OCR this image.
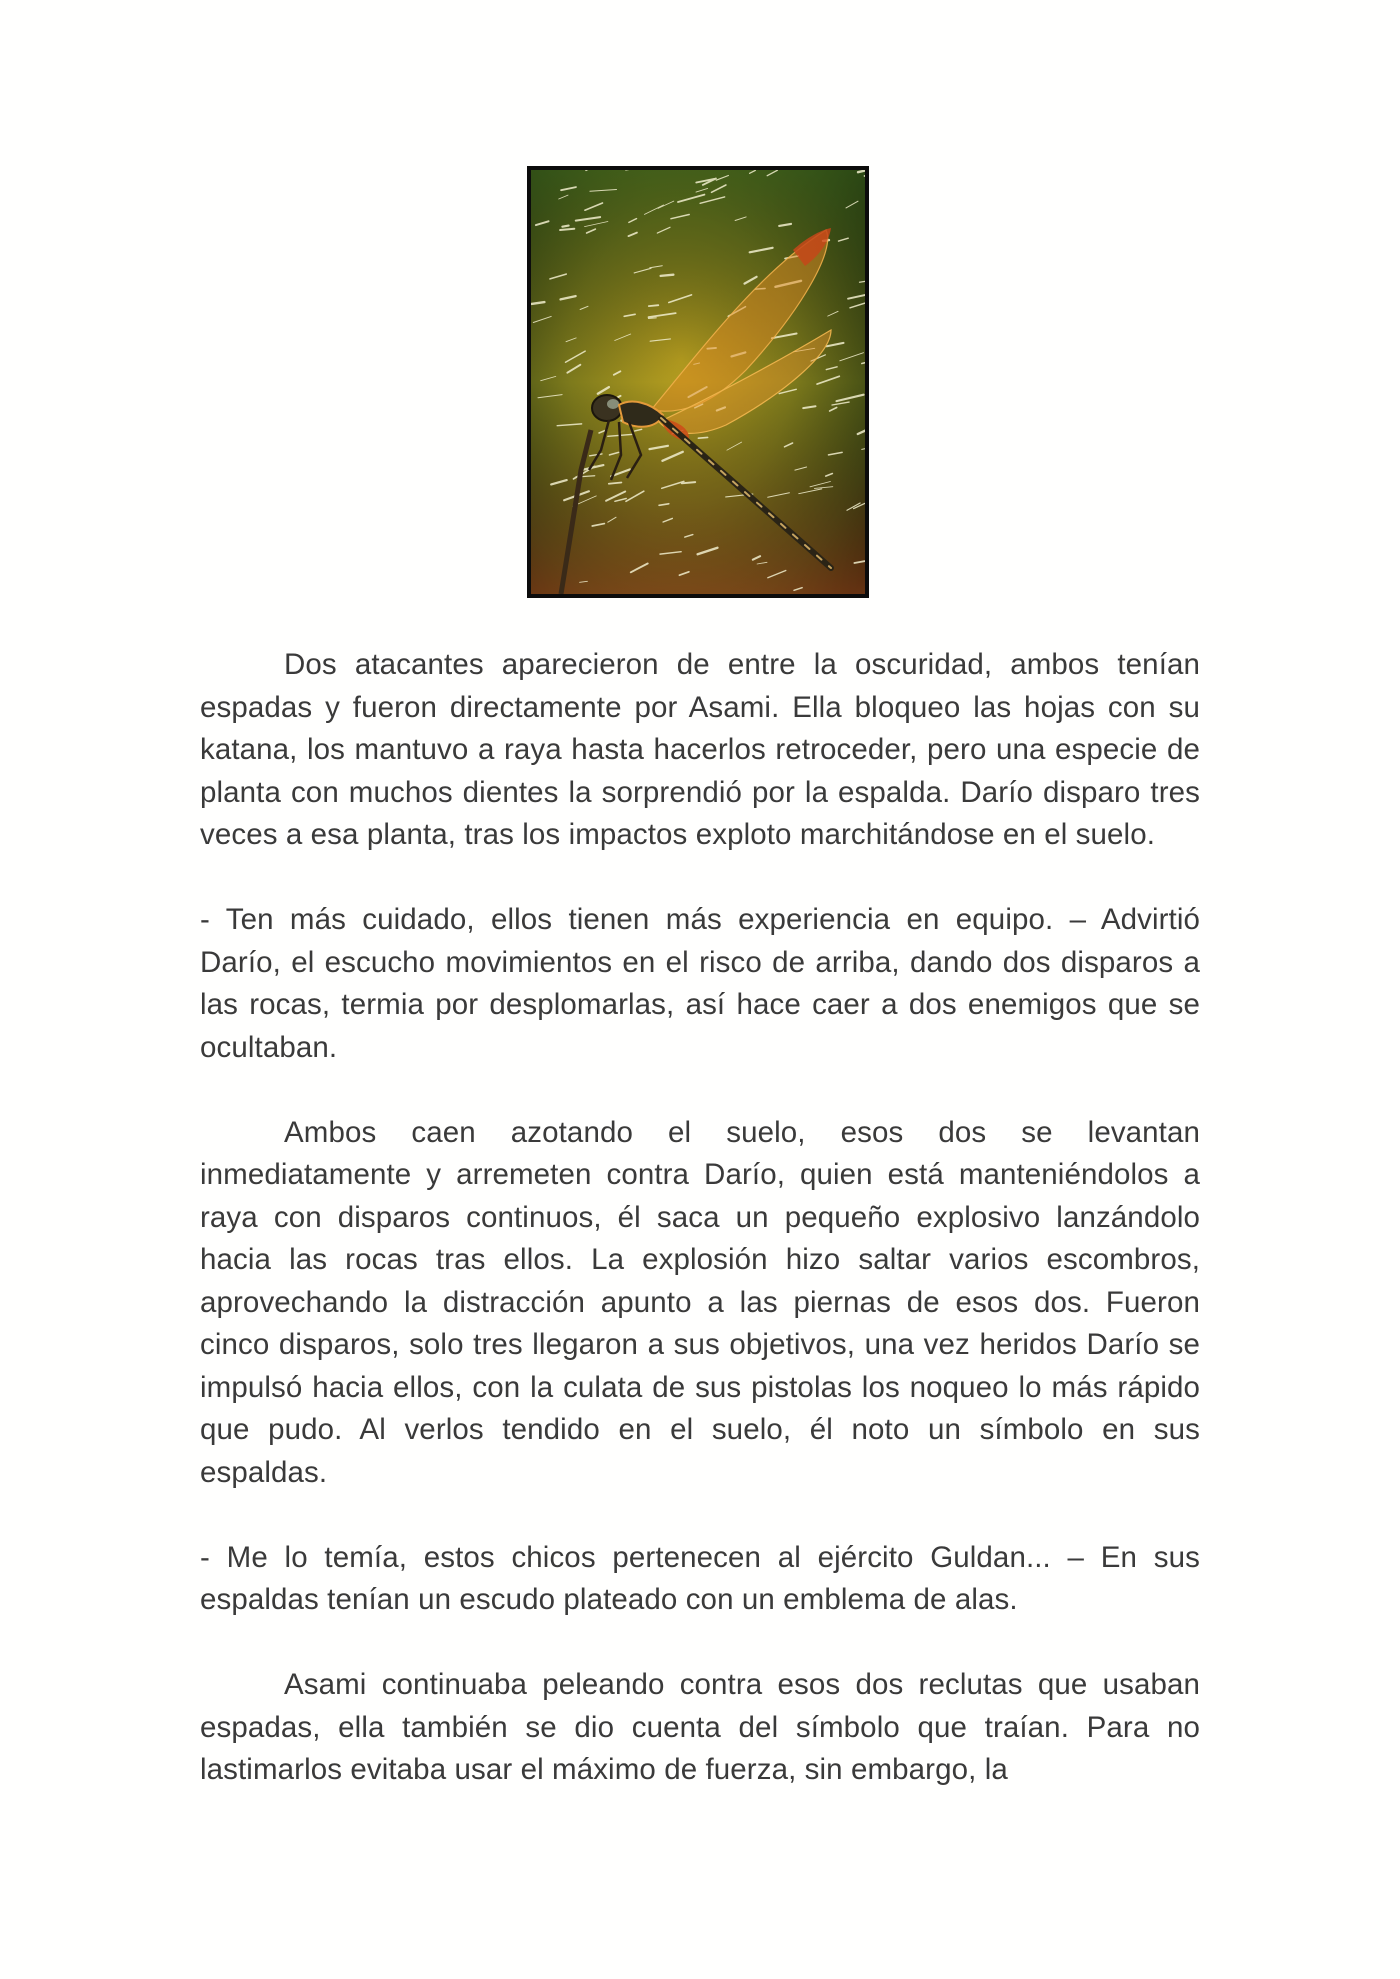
Dos atacantes aparecieron de entre la oscuridad, ambos tenían espadas y fueron directamente por Asami. Ella bloqueo las hojas con su katana, los mantuvo a raya hasta hacerlos retroceder, pero una especie de planta con muchos dientes la sorprendió por la espalda. Darío disparo tres veces a esa planta, tras los impactos exploto marchitándose en el suelo.

- Ten más cuidado, ellos tienen más experiencia en equipo. – Advirtió Darío, el escucho movimientos en el risco de arriba, dando dos disparos a las rocas, termia por desplomarlas, así hace caer a dos enemigos que se ocultaban.

Ambos caen azotando el suelo, esos dos se levantan inmediatamente y arremeten contra Darío, quien está manteniéndolos a raya con disparos continuos, él saca un pequeño explosivo lanzándolo hacia las rocas tras ellos. La explosión hizo saltar varios escombros, aprovechando la distracción apunto a las piernas de esos dos. Fueron cinco disparos, solo tres llegaron a sus objetivos, una vez heridos Darío se impulsó hacia ellos, con la culata de sus pistolas los noqueo lo más rápido que pudo. Al verlos tendido en el suelo, él noto un símbolo en sus espaldas.

- Me lo temía, estos chicos pertenecen al ejército Guldan... – En sus espaldas tenían un escudo plateado con un emblema de alas.

Asami continuaba peleando contra esos dos reclutas que usaban espadas, ella también se dio cuenta del símbolo que traían. Para no lastimarlos evitaba usar el máximo de fuerza, sin embargo, la
